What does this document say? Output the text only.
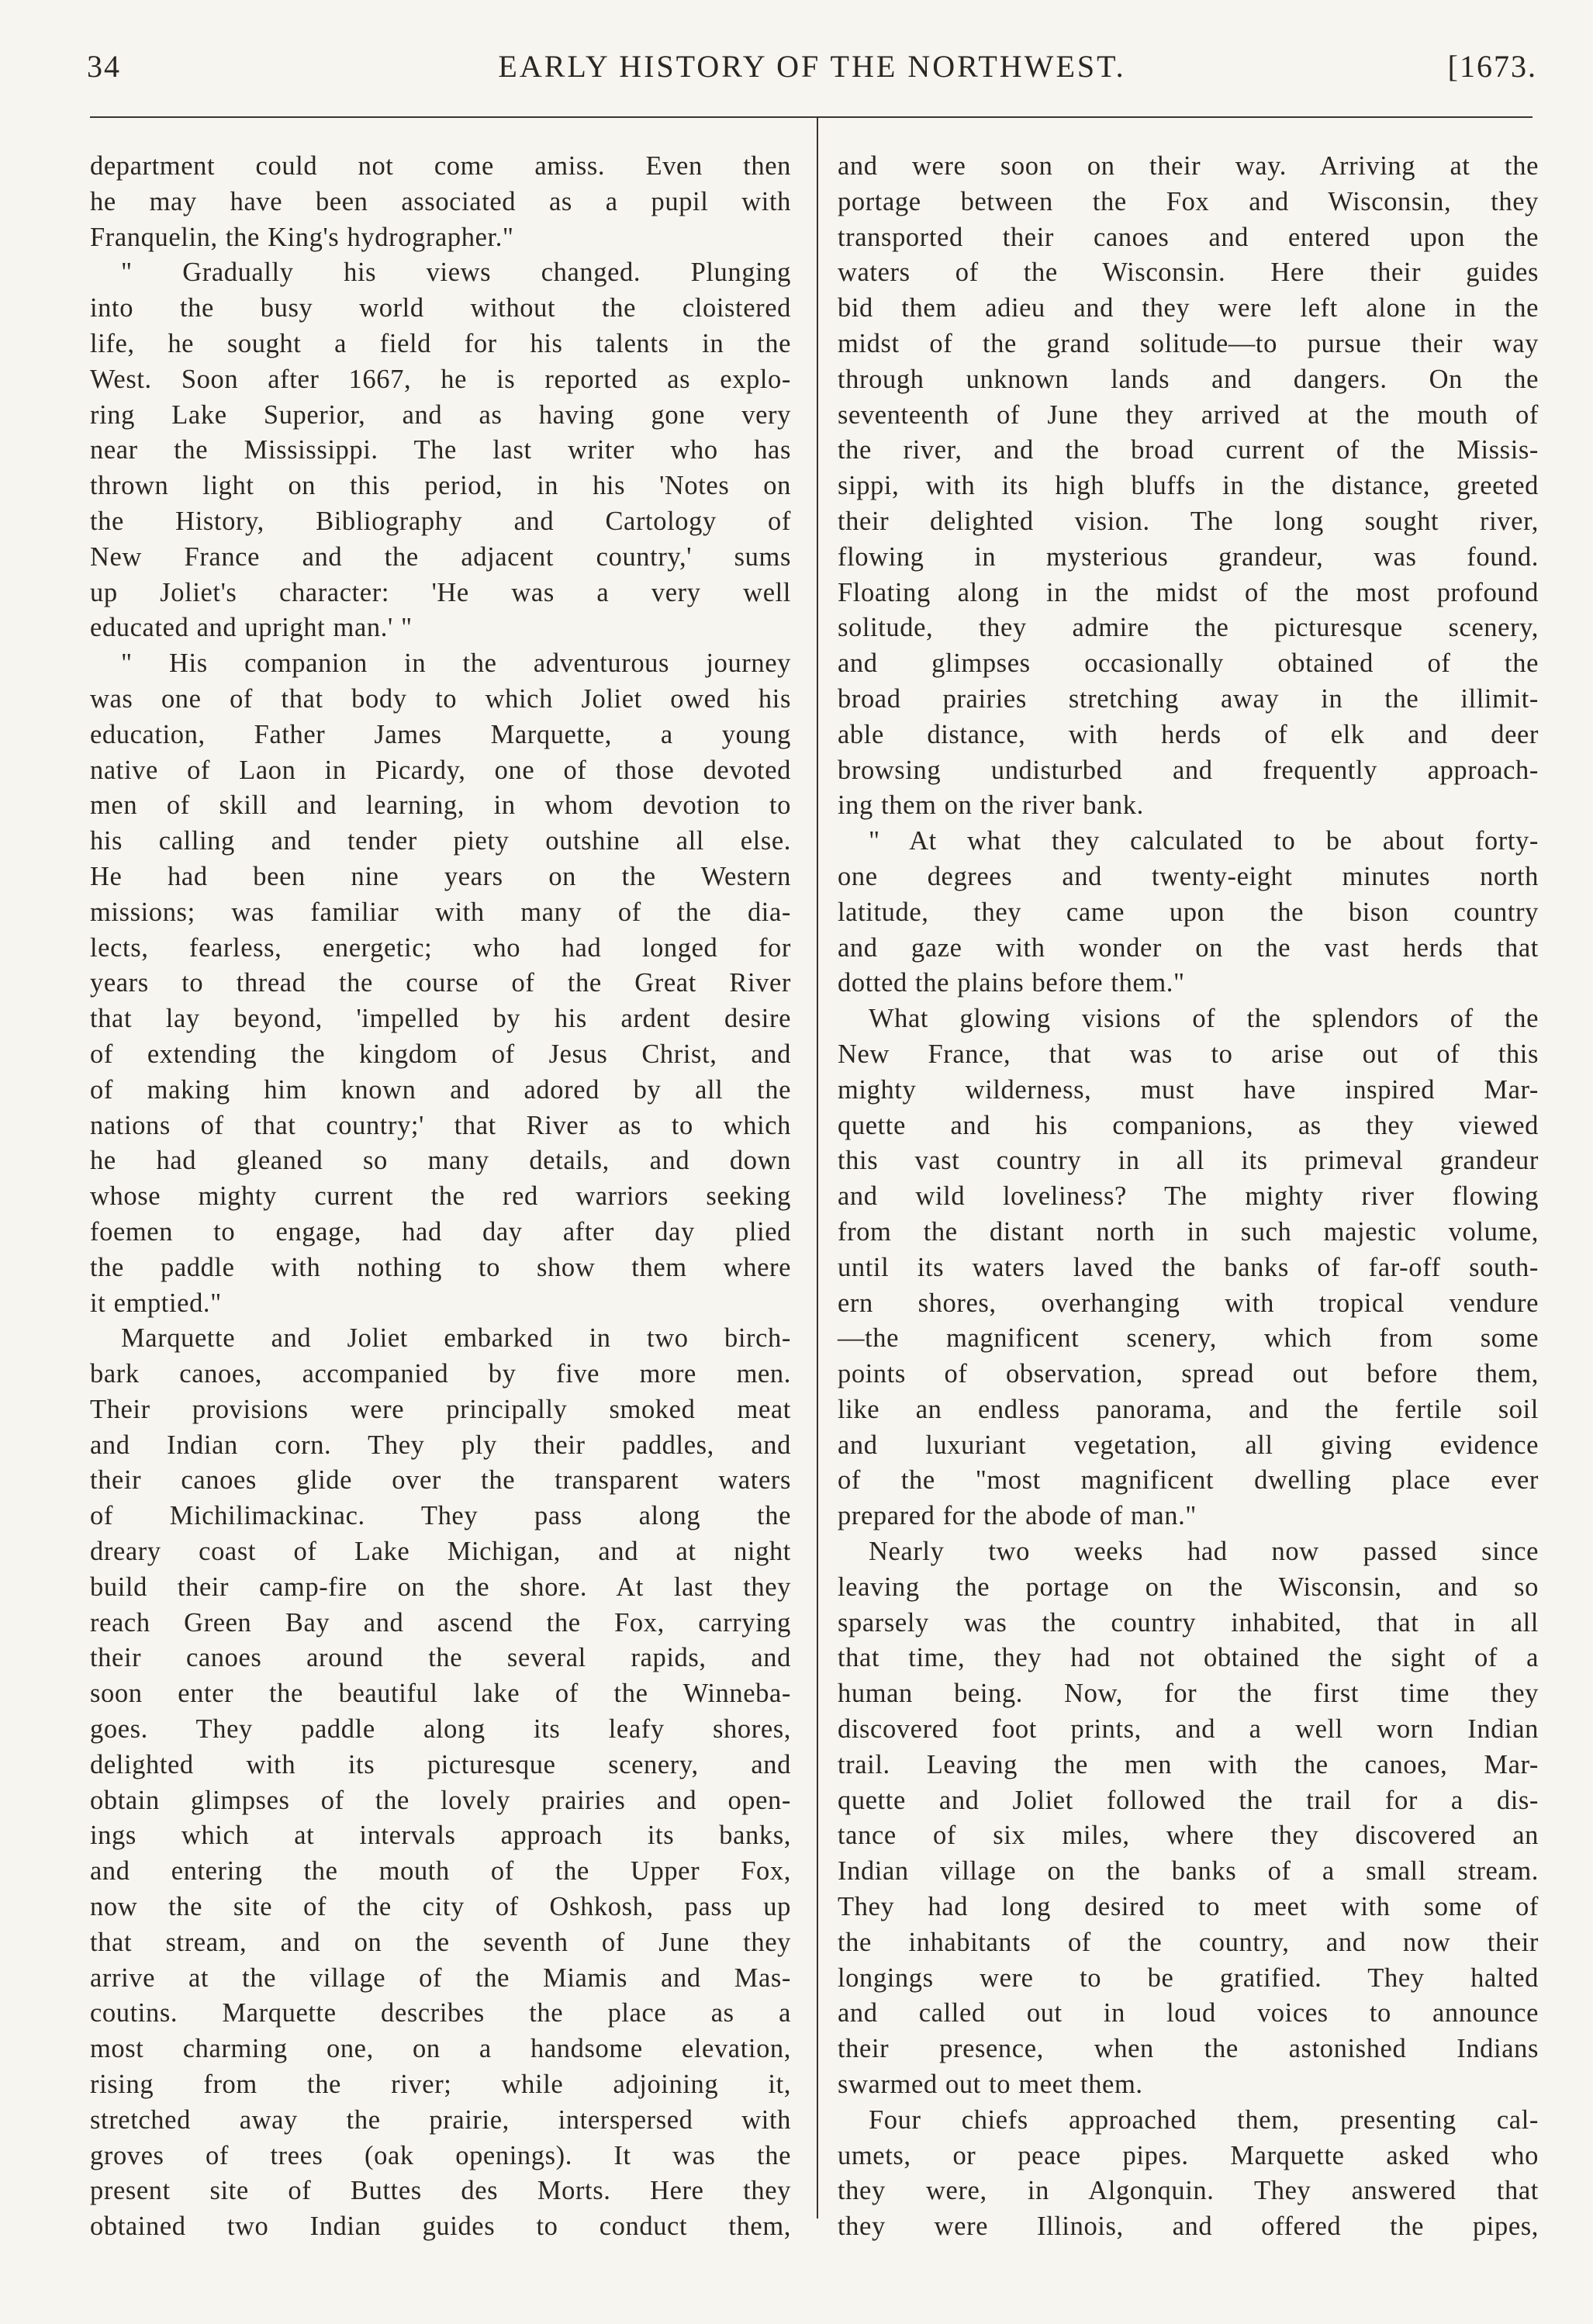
EARLY HISTORY OF THE NORTHWEST.
34	[1673.
department could not come amiss. Even then
he may have been associated as a pupil with
Franquelin, the King's hydrographer."
" Gradually his views changed. Plunging
into the busy world without the cloistered
life, he sought a field for his talents in the
West. Soon after 1667, he is reported as explo-
ring Lake Superior, and as having gone very
near the Mississippi. The last writer who has
thrown light on this period, in his 'Notes on
the History, Bibliography and Cartology of
New France and the adjacent country,' sums
up Joliet's character: 'He was a very well
educated and upright man.' "
" His companion in the adventurous journey
was one of that body to which Joliet owed his
education, Father James Marquette, a young
native of Laon in Picardy, one of those devoted
men of skill and learning, in whom devotion to
his calling and tender piety outshine all else.
He had been nine years on the Western
missions; was familiar with many of the dia-
lects, fearless, energetic; who had longed for
years to thread the course of the Great River
that lay beyond, 'impelled by his ardent desire
of extending the kingdom of Jesus Christ, and
of making him known and adored by all the
nations of that country;' that River as to which
he had gleaned so many details, and down
whose mighty current the red warriors seeking
foemen to engage, had day after day plied
the paddle with nothing to show them where
it emptied."
Marquette and Joliet embarked in two birch-
bark canoes, accompanied by five more men.
Their provisions were principally smoked meat
and Indian corn. They ply their paddles, and
their canoes glide over the transparent waters
of Michilimackinac. They pass along the
dreary coast of Lake Michigan, and at night
build their camp-fire on the shore. At last they
reach Green Bay and ascend the Fox, carrying
their canoes around the several rapids, and
soon enter the beautiful lake of the Winneba-
goes. They paddle along its leafy shores,
delighted with its picturesque scenery, and
obtain glimpses of the lovely prairies and open-
ings which at intervals approach its banks,
and entering the mouth of the Upper Fox,
now the site of the city of Oshkosh, pass up
that stream, and on the seventh of June they
arrive at the village of the Miamis and Mas-
coutins. Marquette describes the place as a
most charming one, on a handsome elevation,
rising from the river; while adjoining it,
stretched away the prairie, interspersed with
groves of trees (oak openings). It was the
present site of Buttes des Morts. Here they
obtained two Indian guides to conduct them,
and were soon on their way. Arriving at the
portage between the Fox and Wisconsin, they
transported their canoes and entered upon the
waters of the Wisconsin. Here their guides
bid them adieu and they were left alone in the
midst of the grand solitude—to pursue their way
through unknown lands and dangers. On the
seventeenth of June they arrived at the mouth of
the river, and the broad current of the Missis-
sippi, with its high bluffs in the distance, greeted
their delighted vision. The long sought river,
flowing in mysterious grandeur, was found.
Floating along in the midst of the most profound
solitude, they admire the picturesque scenery,
and glimpses occasionally obtained of the
broad prairies stretching away in the illimit-
able distance, with herds of elk and deer
browsing undisturbed and frequently approach-
ing them on the river bank.
" At what they calculated to be about forty-
one degrees and twenty-eight minutes north
latitude, they came upon the bison country
and gaze with wonder on the vast herds that
dotted the plains before them."
What glowing visions of the splendors of the
New France, that was to arise out of this
mighty wilderness, must have inspired Mar-
quette and his companions, as they viewed
this vast country in all its primeval grandeur
and wild loveliness? The mighty river flowing
from the distant north in such majestic volume,
until its waters laved the banks of far-off south-
ern shores, overhanging with tropical vendure
—the magnificent scenery, which from some
points of observation, spread out before them,
like an endless panorama, and the fertile soil
and luxuriant vegetation, all giving evidence
of the "most magnificent dwelling place ever
prepared for the abode of man."
Nearly two weeks had now passed since
leaving the portage on the Wisconsin, and so
sparsely was the country inhabited, that in all
that time, they had not obtained the sight of a
human being. Now, for the first time they
discovered foot prints, and a well worn Indian
trail. Leaving the men with the canoes, Mar-
quette and Joliet followed the trail for a dis-
tance of six miles, where they discovered an
Indian village on the banks of a small stream.
They had long desired to meet with some of
the inhabitants of the country, and now their
longings were to be gratified. They halted
and called out in loud voices to announce
their presence, when the astonished Indians
swarmed out to meet them.
Four chiefs approached them, presenting cal-
umets, or peace pipes. Marquette asked who
they were, in Algonquin. They answered that
they were Illinois, and offered the pipes,
